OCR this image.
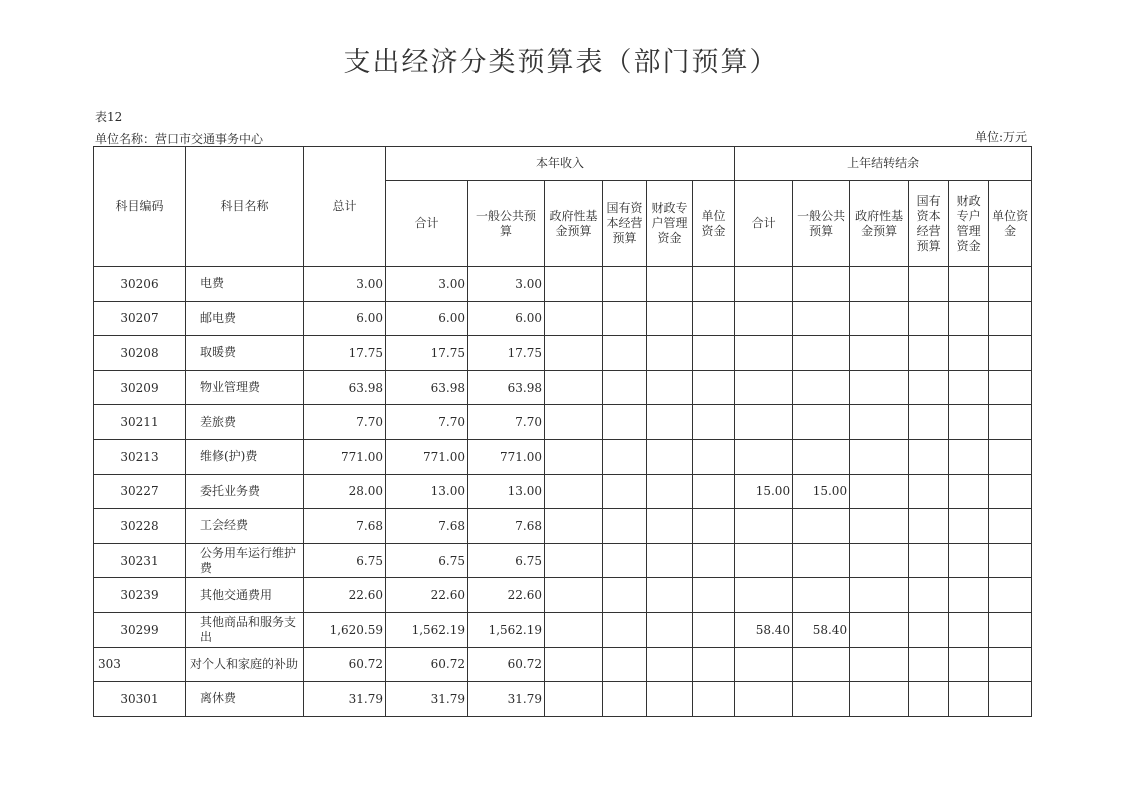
支出经济分类预算表（部门预算）
表12
单位名称：营口市交通事务中心	单位:万元
科目编码	科目名称	总计	本年收入						上年结转结余					
			合计	一般公共预算	政府性基金预算	国有资本经营预算	财政专户管理资金	单位资金	合计	一般公共预算	政府性基金预算	国有资本经营预算	财政专户管理资金	单位资金
30206	电费	3.00	3.00	3.00										
30207	邮电费	6.00	6.00	6.00										
30208	取暖费	17.75	17.75	17.75										
30209	物业管理费	63.98	63.98	63.98										
30211	差旅费	7.70	7.70	7.70										
30213	维修(护)费	771.00	771.00	771.00										
30227	委托业务费	28.00	13.00	13.00					15.00	15.00				
30228	工会经费	7.68	7.68	7.68										
30231	公务用车运行维护费	6.75	6.75	6.75										
30239	其他交通费用	22.60	22.60	22.60										
30299	其他商品和服务支出	1,620.59	1,562.19	1,562.19					58.40	58.40				
303	对个人和家庭的补助	60.72	60.72	60.72										
30301	离休费	31.79	31.79	31.79										
